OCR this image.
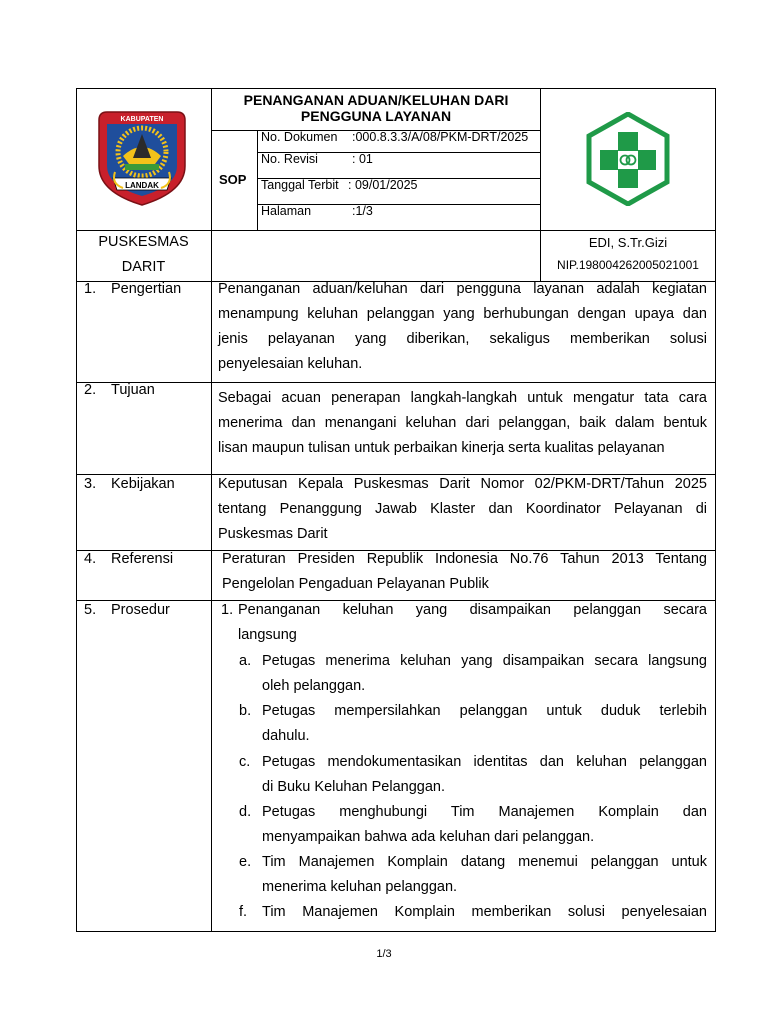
KABUPATEN
LANDAK
PENANGANAN ADUAN/KELUHAN DARI
PENGGUNA LAYANAN
SOP
No. Dokumen :000.8.3.3/A/08/PKM-DRT/2025
No. Revisi	: 01
Tanggal Terbit : 09/01/2025
Halaman	:1/3
PUSKESMAS
DARIT
EDI, S.Tr.Gizi
NIP.198004262005021001
1. Pengertian	Penanganan aduan/keluhan dari pengguna layanan adalah kegiatan
menampung keluhan pelanggan yang berhubungan dengan upaya dan
jenis pelayanan yang diberikan, sekaligus memberikan solusi
penyelesaian keluhan.
2. Tujuan	Sebagai acuan penerapan langkah-langkah untuk mengatur tata cara
menerima dan menangani keluhan dari pelanggan, baik dalam bentuk
lisan maupun tulisan untuk perbaikan kinerja serta kualitas pelayanan
3. Kebijakan	Keputusan Kepala Puskesmas Darit Nomor 02/PKM-DRT/Tahun 2025
tentang Penanggung Jawab Klaster dan Koordinator Pelayanan di
Puskesmas Darit
4. Referensi	Peraturan Presiden Republik Indonesia No.76 Tahun 2013 Tentang
Pengelolan Pengaduan Pelayanan Publik
5. Prosedur	1. Penanganan keluhan yang disampaikan pelanggan secara
langsung
a. Petugas menerima keluhan yang disampaikan secara langsung
oleh pelanggan.
b. Petugas mempersilahkan pelanggan untuk duduk terlebih
dahulu.
c. Petugas mendokumentasikan identitas dan keluhan pelanggan
di Buku Keluhan Pelanggan.
d. Petugas menghubungi Tim Manajemen Komplain dan
menyampaikan bahwa ada keluhan dari pelanggan.
e. Tim Manajemen Komplain datang menemui pelanggan untuk
menerima keluhan pelanggan.
f. Tim Manajemen Komplain memberikan solusi penyelesaian
1/3
